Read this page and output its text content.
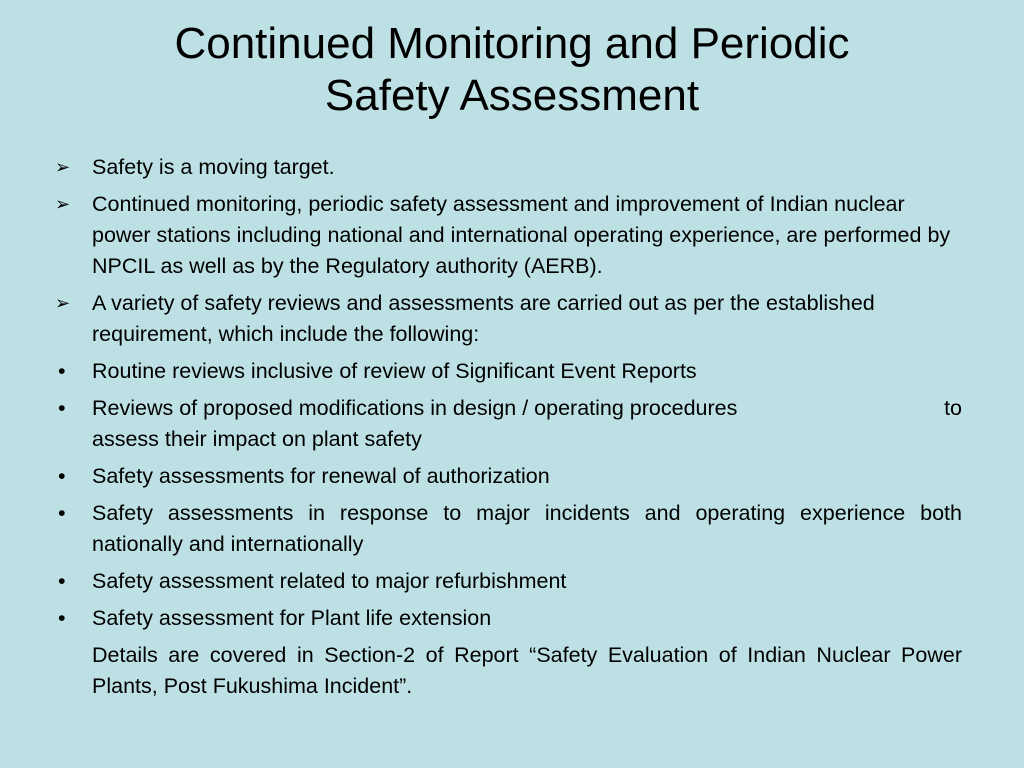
Continued Monitoring and Periodic
Safety Assessment
➢	Safety is a moving target.
➢	Continued monitoring, periodic safety assessment and improvement of Indian nuclear power stations including national and international operating experience, are performed by NPCIL as well as by the Regulatory authority (AERB).
➢	A variety of safety reviews and assessments are carried out as per the established requirement, which include the following:
•	Routine reviews inclusive of review of Significant Event Reports
•	Reviews of proposed modifications in design / operating procedures	to
assess their impact on plant safety
•	Safety assessments for renewal of authorization
•	Safety assessments in response to major incidents and operating experience both nationally and internationally
•	Safety assessment related to major refurbishment
•	Safety assessment for Plant life extension
Details are covered in Section-2 of Report “Safety Evaluation of Indian Nuclear Power Plants, Post Fukushima Incident”.
